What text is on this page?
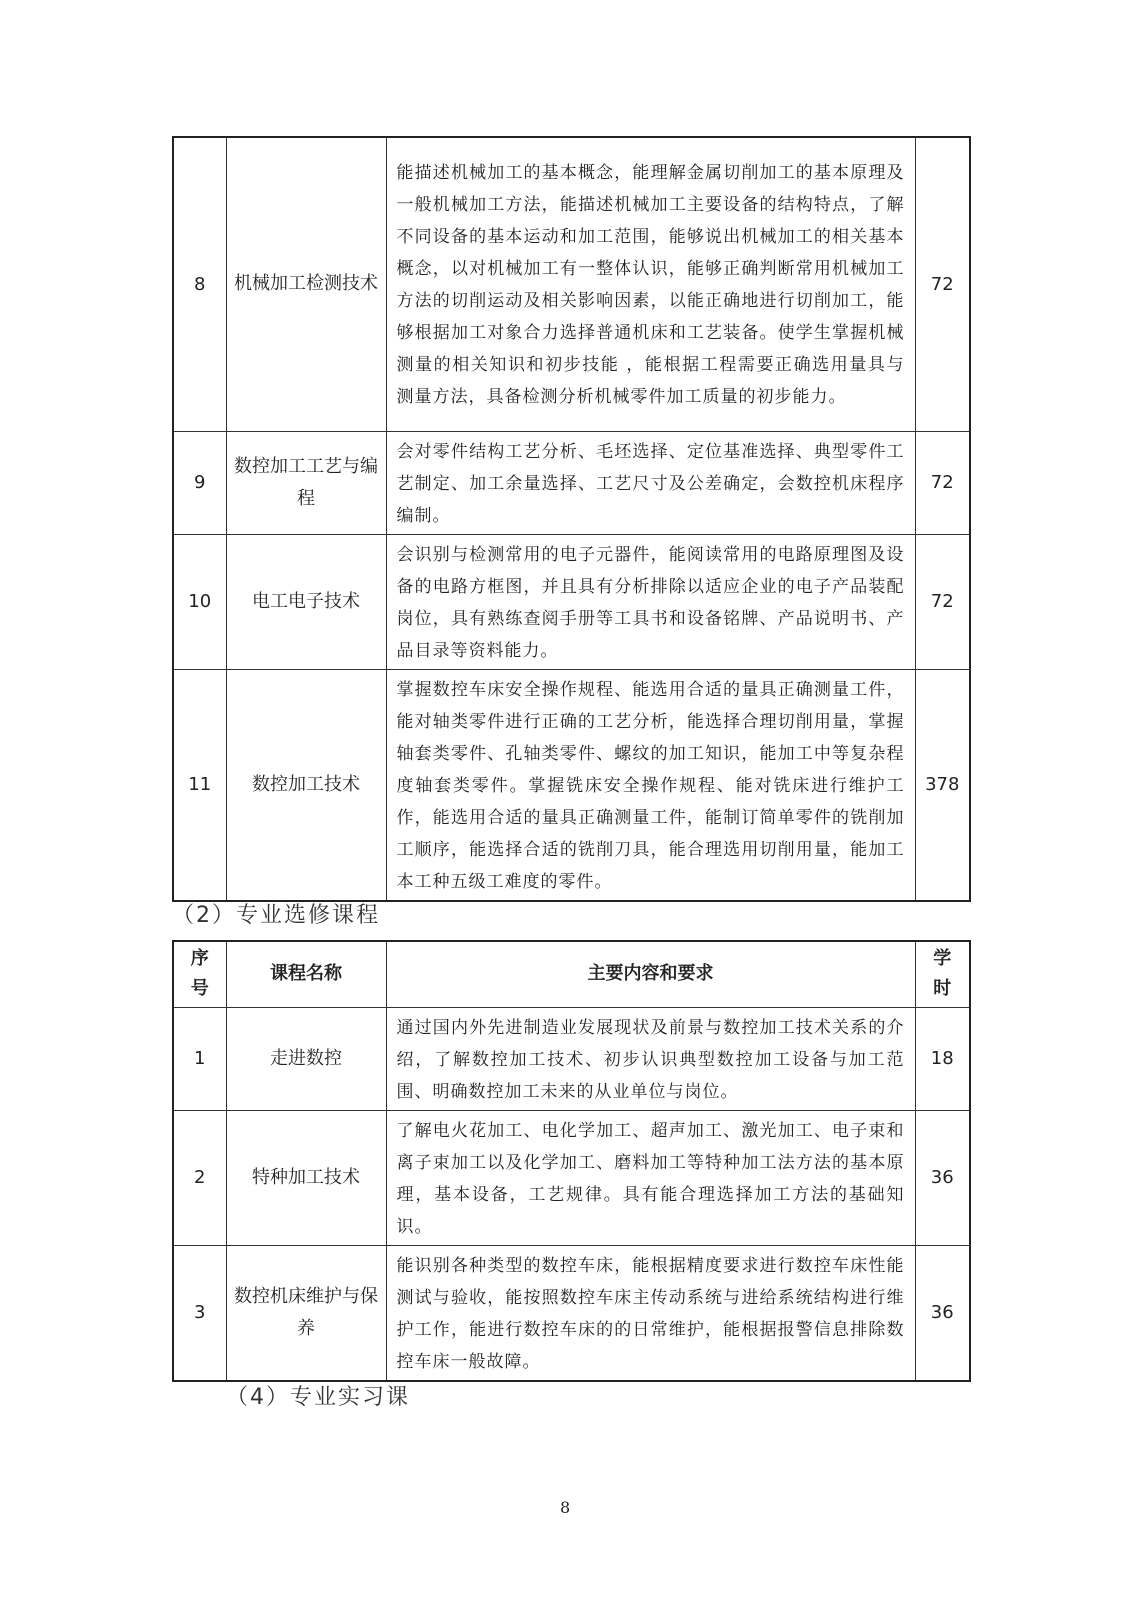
8	机械加工检测技术	能描述机械加工的基本概念，能理解金属切削加工的基本原理及一般机械加工方法，能描述机械加工主要设备的结构特点，了解不同设备的基本运动和加工范围，能够说出机械加工的相关基本概念，以对机械加工有一整体认识，能够正确判断常用机械加工方法的切削运动及相关影响因素，以能正确地进行切削加工，能够根据加工对象合力选择普通机床和工艺装备。使学生掌握机械测量的相关知识和初步技能 ，能根据工程需要正确选用量具与测量方法，具备检测分析机械零件加工质量的初步能力。	72
9	数控加工工艺与编程	会对零件结构工艺分析、毛坯选择、定位基准选择、典型零件工艺制定、加工余量选择、工艺尺寸及公差确定，会数控机床程序编制。	72
10	电工电子技术	会识别与检测常用的电子元器件，能阅读常用的电路原理图及设备的电路方框图，并且具有分析排除以适应企业的电子产品装配岗位，具有熟练查阅手册等工具书和设备铭牌、产品说明书、产品目录等资料能力。	72
11	数控加工技术	掌握数控车床安全操作规程、能选用合适的量具正确测量工件，能对轴类零件进行正确的工艺分析，能选择合理切削用量，掌握轴套类零件、孔轴类零件、螺纹的加工知识，能加工中等复杂程度轴套类零件。掌握铣床安全操作规程、能对铣床进行维护工作，能选用合适的量具正确测量工件，能制订简单零件的铣削加工顺序，能选择合适的铣削刀具，能合理选用切削用量，能加工本工种五级工难度的零件。	378
（2）专业选修课程
序号	课程名称	主要内容和要求	学时
1	走进数控	通过国内外先进制造业发展现状及前景与数控加工技术关系的介绍，了解数控加工技术、初步认识典型数控加工设备与加工范围、明确数控加工未来的从业单位与岗位。	18
2	特种加工技术	了解电火花加工、电化学加工、超声加工、激光加工、电子束和离子束加工以及化学加工、磨料加工等特种加工法方法的基本原理，基本设备，工艺规律。具有能合理选择加工方法的基础知识。	36
3	数控机床维护与保养	能识别各种类型的数控车床，能根据精度要求进行数控车床性能测试与验收，能按照数控车床主传动系统与进给系统结构进行维护工作，能进行数控车床的的日常维护，能根据报警信息排除数控车床一般故障。	36
（4）专业实习课
8
